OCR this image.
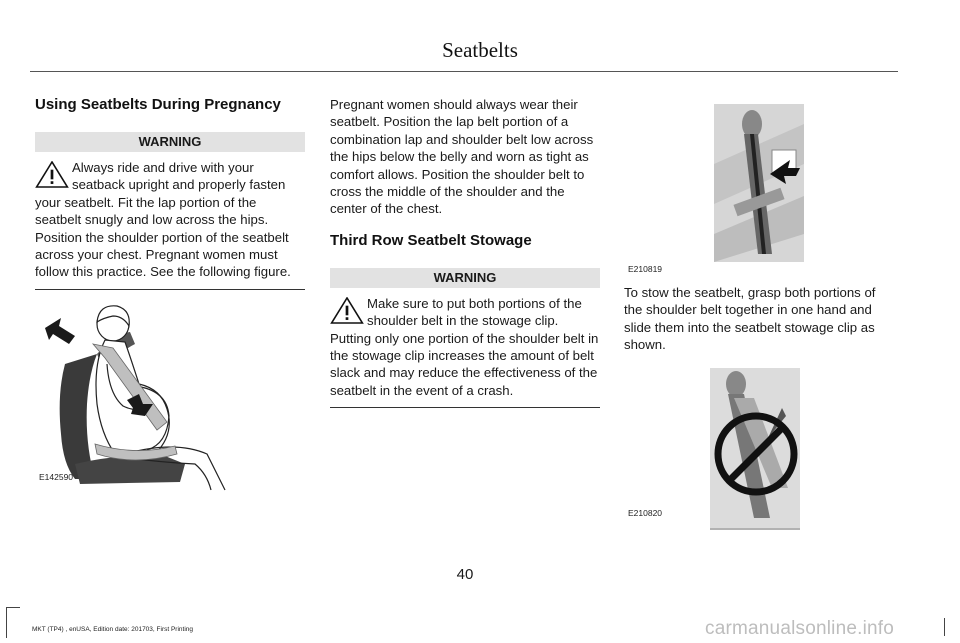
Seatbelts
Using Seatbelts During Pregnancy
WARNING

Always ride and drive with your seatback upright and properly fasten your seatbelt. Fit the lap portion of the seatbelt snugly and low across the hips. Position the shoulder portion of the seatbelt across your chest. Pregnant women must follow this practice. See the following figure.

E142590

Pregnant women should always wear their seatbelt. Position the lap belt portion of a combination lap and shoulder belt low across the hips below the belly and worn as tight as comfort allows. Position the shoulder belt to cross the middle of the shoulder and the center of the chest.

Third Row Seatbelt Stowage
WARNING

Make sure to put both portions of the shoulder belt in the stowage clip. Putting only one portion of the shoulder belt in the stowage clip increases the amount of belt slack and may reduce the effectiveness of the seatbelt in the event of a crash.

E210819

To stow the seatbelt, grasp both portions of the shoulder belt together in one hand and slide them into the seatbelt stowage clip as shown.

E210820
40
MKT (TP4) , enUSA, Edition date: 201703, First Printing	carmanualsonline.info
